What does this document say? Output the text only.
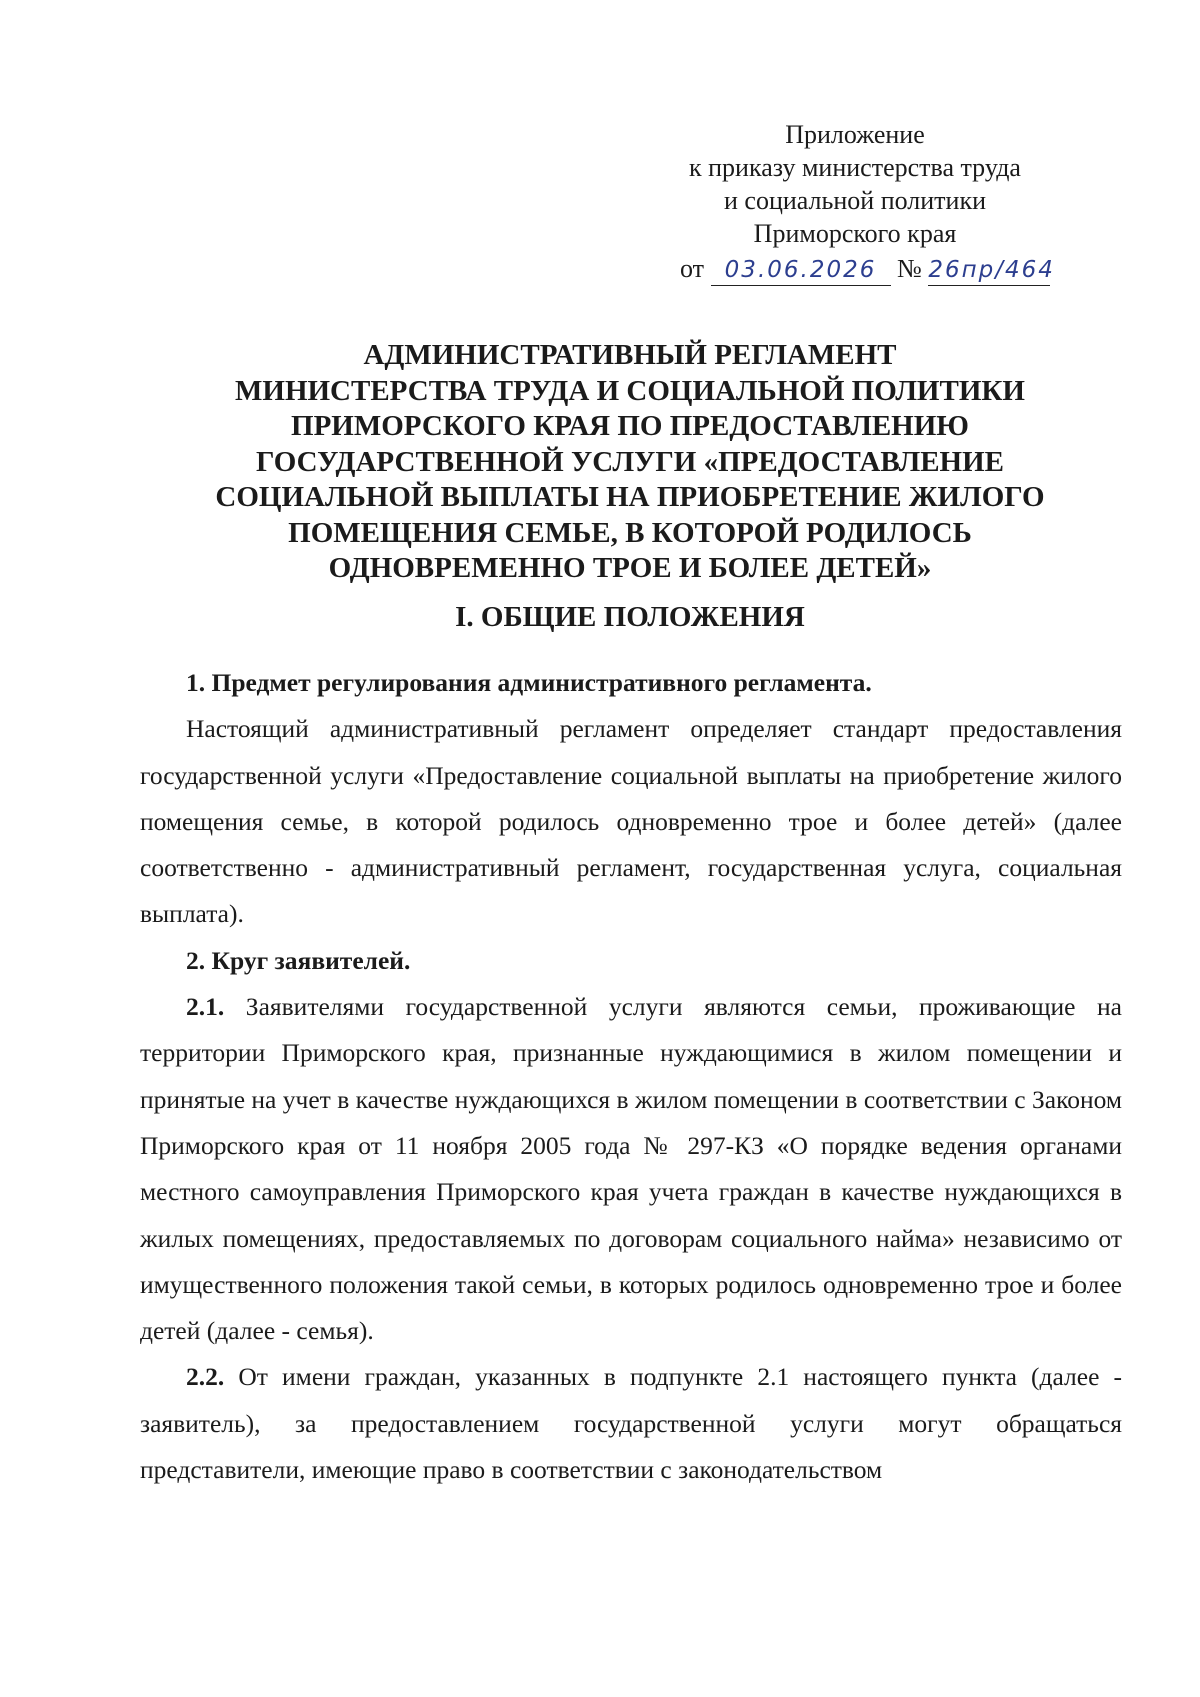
Приложение
к приказу министерства труда
и социальной политики
Приморского края
от 03.06.2026 № 26пр/464
АДМИНИСТРАТИВНЫЙ РЕГЛАМЕНТ
МИНИСТЕРСТВА ТРУДА И СОЦИАЛЬНОЙ ПОЛИТИКИ
ПРИМОРСКОГО КРАЯ ПО ПРЕДОСТАВЛЕНИЮ
ГОСУДАРСТВЕННОЙ УСЛУГИ «ПРЕДОСТАВЛЕНИЕ
СОЦИАЛЬНОЙ ВЫПЛАТЫ НА ПРИОБРЕТЕНИЕ ЖИЛОГО
ПОМЕЩЕНИЯ СЕМЬЕ, В КОТОРОЙ РОДИЛОСЬ
ОДНОВРЕМЕННО ТРОЕ И БОЛЕЕ ДЕТЕЙ»
I. ОБЩИЕ ПОЛОЖЕНИЯ

1. Предмет регулирования административного регламента.

Настоящий административный регламент определяет стандарт предоставления государственной услуги «Предоставление социальной выплаты на приобретение жилого помещения семье, в которой родилось одновременно трое и более детей» (далее соответственно - административный регламент, государственная услуга, социальная выплата).

2. Круг заявителей.

2.1. Заявителями государственной услуги являются семьи, проживающие на территории Приморского края, признанные нуждающимися в жилом помещении и принятые на учет в качестве нуждающихся в жилом помещении в соответствии с Законом Приморского края от 11 ноября 2005 года № 297-КЗ «О порядке ведения органами местного самоуправления Приморского края учета граждан в качестве нуждающихся в жилых помещениях, предоставляемых по договорам социального найма» независимо от имущественного положения такой семьи, в которых родилось одновременно трое и более детей (далее - семья).

2.2. От имени граждан, указанных в подпункте 2.1 настоящего пункта (далее - заявитель), за предоставлением государственной услуги могут обращаться представители, имеющие право в соответствии с законодательством
